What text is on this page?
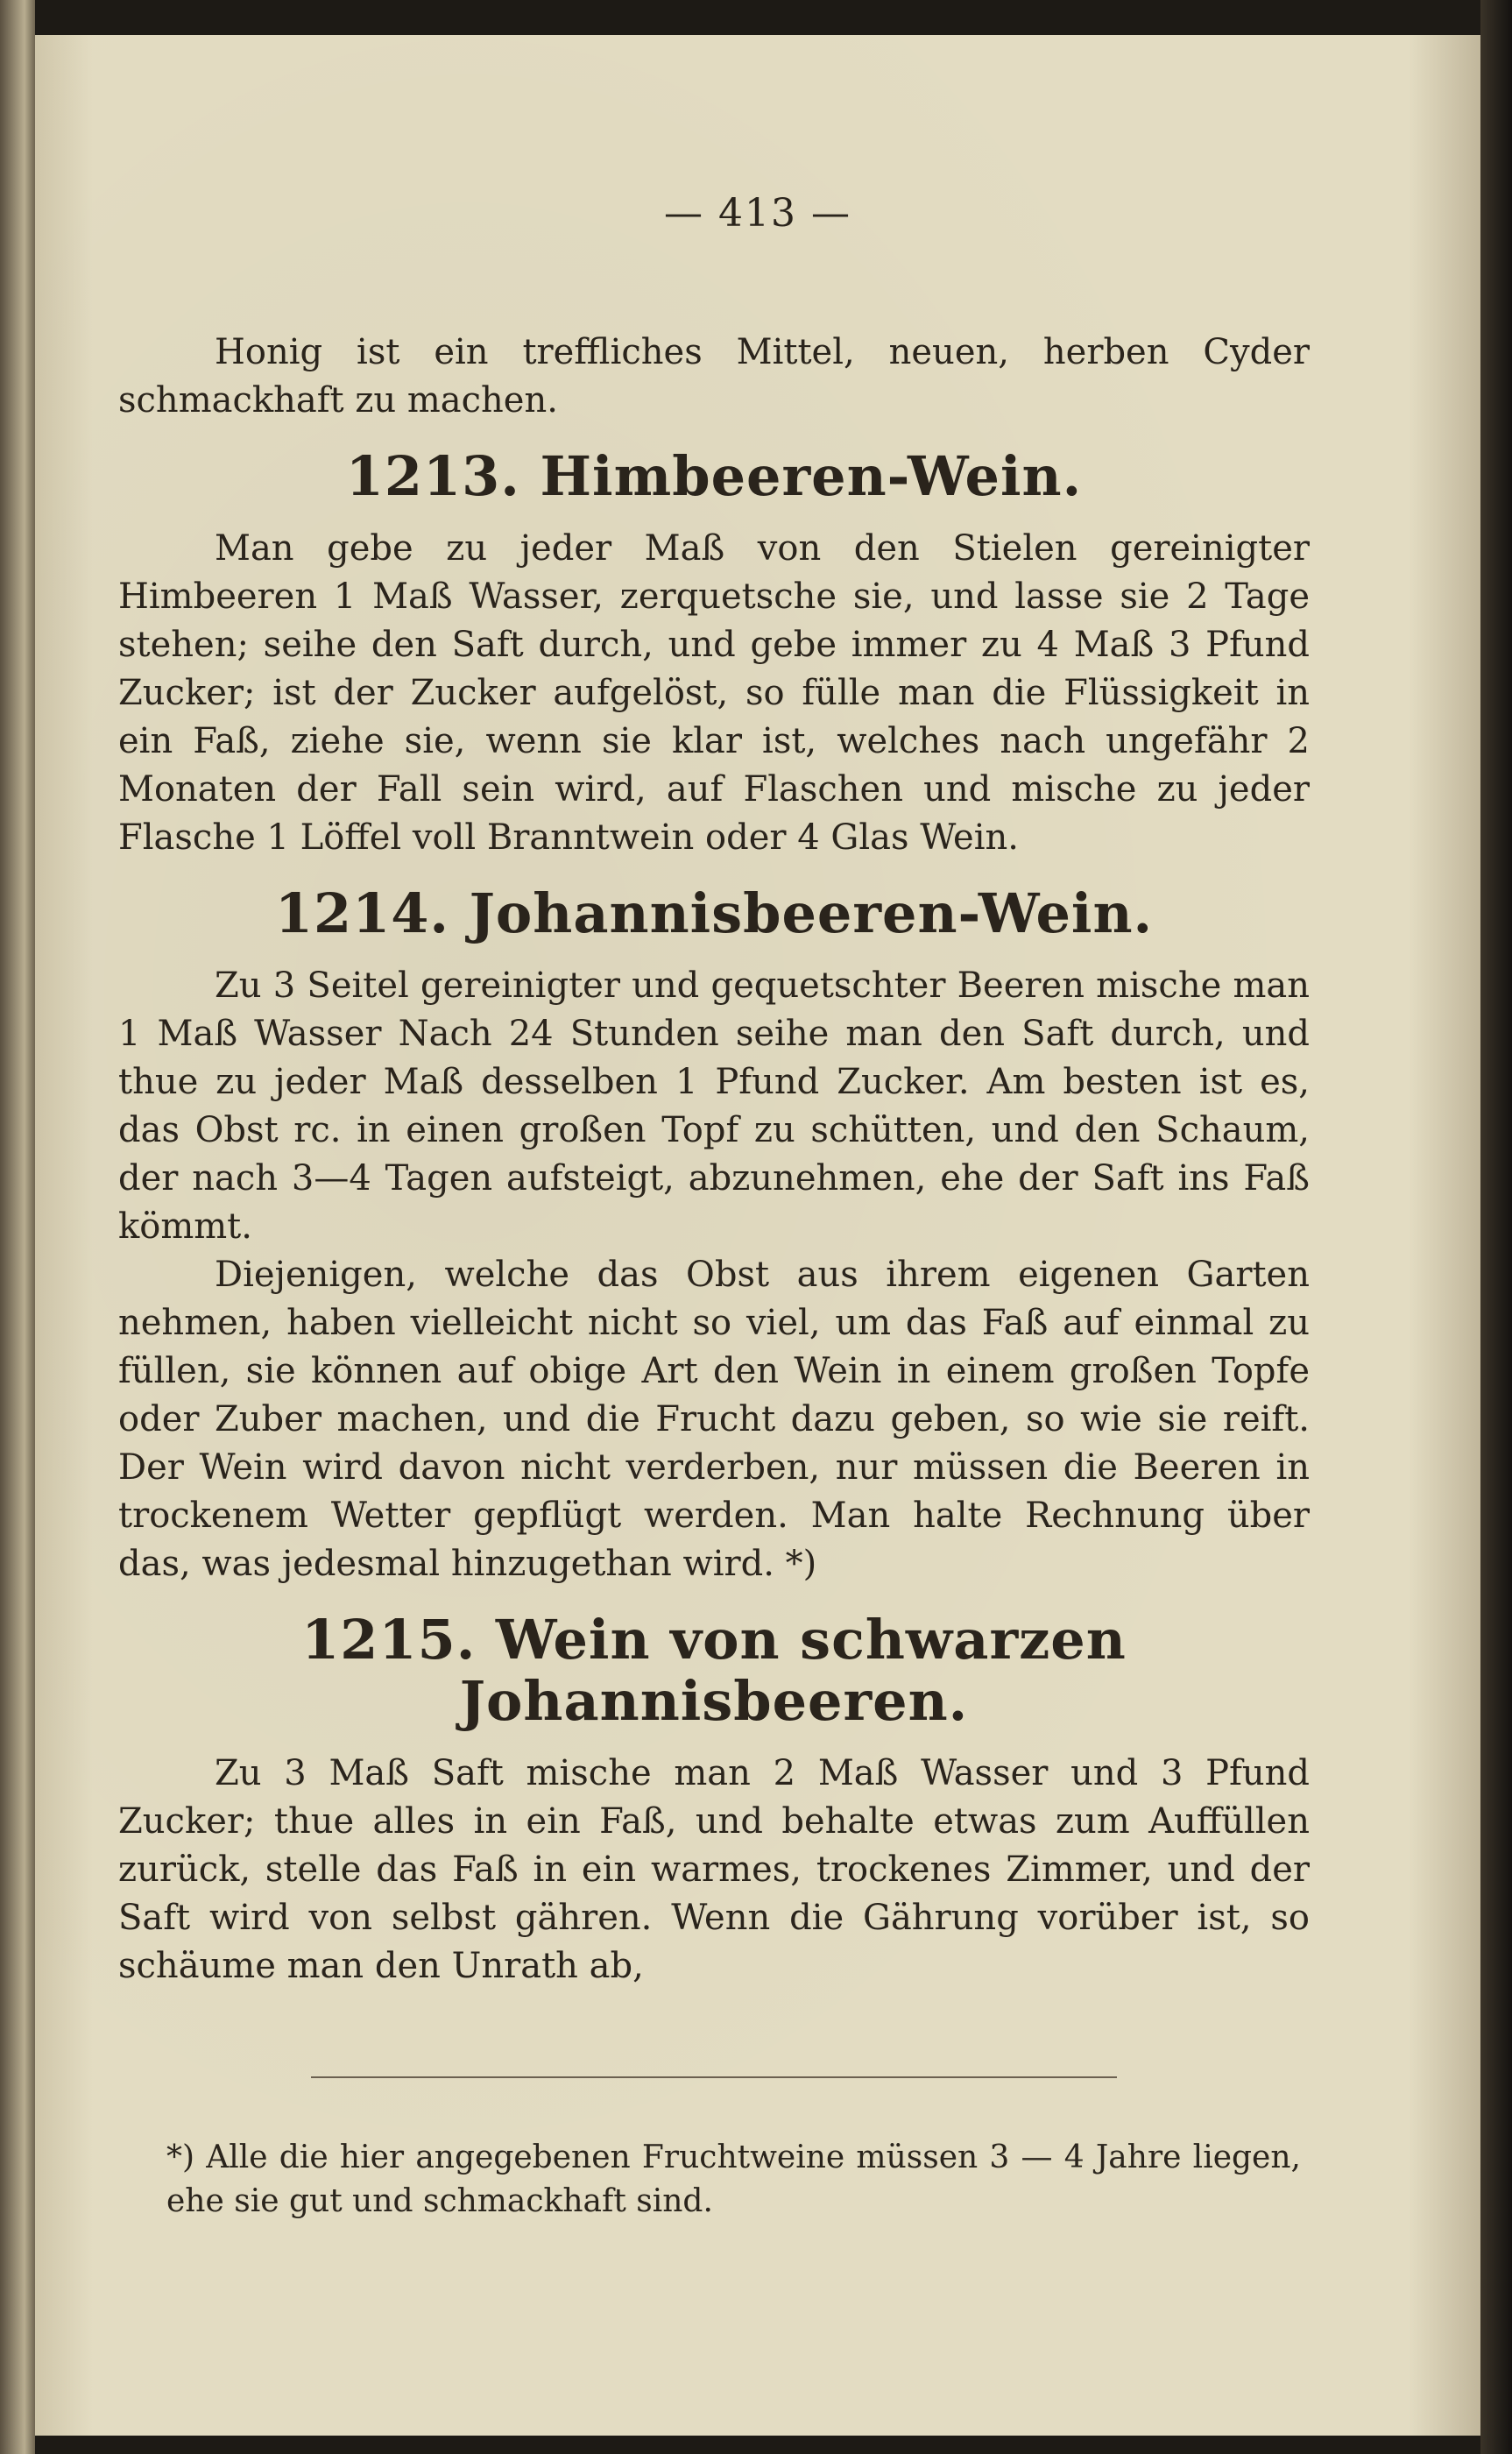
— 413 —

Honig ist ein treffliches Mittel, neuen, herben Cyder schmackhaft zu machen.

1213. Himbeeren-Wein.

Man gebe zu jeder Maß von den Stielen gereinigter Himbeeren 1 Maß Wasser, zerquetsche sie, und lasse sie 2 Tage stehen; seihe den Saft durch, und gebe immer zu 4 Maß 3 Pfund Zucker; ist der Zucker aufgelöst, so fülle man die Flüssigkeit in ein Faß, ziehe sie, wenn sie klar ist, welches nach ungefähr 2 Monaten der Fall sein wird, auf Flaschen und mische zu jeder Flasche 1 Löffel voll Branntwein oder 4 Glas Wein.

1214. Johannisbeeren-Wein.

Zu 3 Seitel gereinigter und gequetschter Beeren mische man 1 Maß Wasser Nach 24 Stunden seihe man den Saft durch, und thue zu jeder Maß desselben 1 Pfund Zucker. Am besten ist es, das Obst rc. in einen großen Topf zu schütten, und den Schaum, der nach 3—4 Tagen aufsteigt, abzunehmen, ehe der Saft ins Faß kömmt.

Diejenigen, welche das Obst aus ihrem eigenen Garten nehmen, haben vielleicht nicht so viel, um das Faß auf einmal zu füllen, sie können auf obige Art den Wein in einem großen Topfe oder Zuber machen, und die Frucht dazu geben, so wie sie reift. Der Wein wird davon nicht verderben, nur müssen die Beeren in trockenem Wetter gepflügt werden. Man halte Rechnung über das, was jedesmal hinzugethan wird. *)

1215. Wein von schwarzen Johannisbeeren.

Zu 3 Maß Saft mische man 2 Maß Wasser und 3 Pfund Zucker; thue alles in ein Faß, und behalte etwas zum Auffüllen zurück, stelle das Faß in ein warmes, trockenes Zimmer, und der Saft wird von selbst gähren. Wenn die Gährung vorüber ist, so schäume man den Unrath ab,

*) Alle die hier angegebenen Fruchtweine müssen 3 — 4 Jahre liegen, ehe sie gut und schmackhaft sind.
